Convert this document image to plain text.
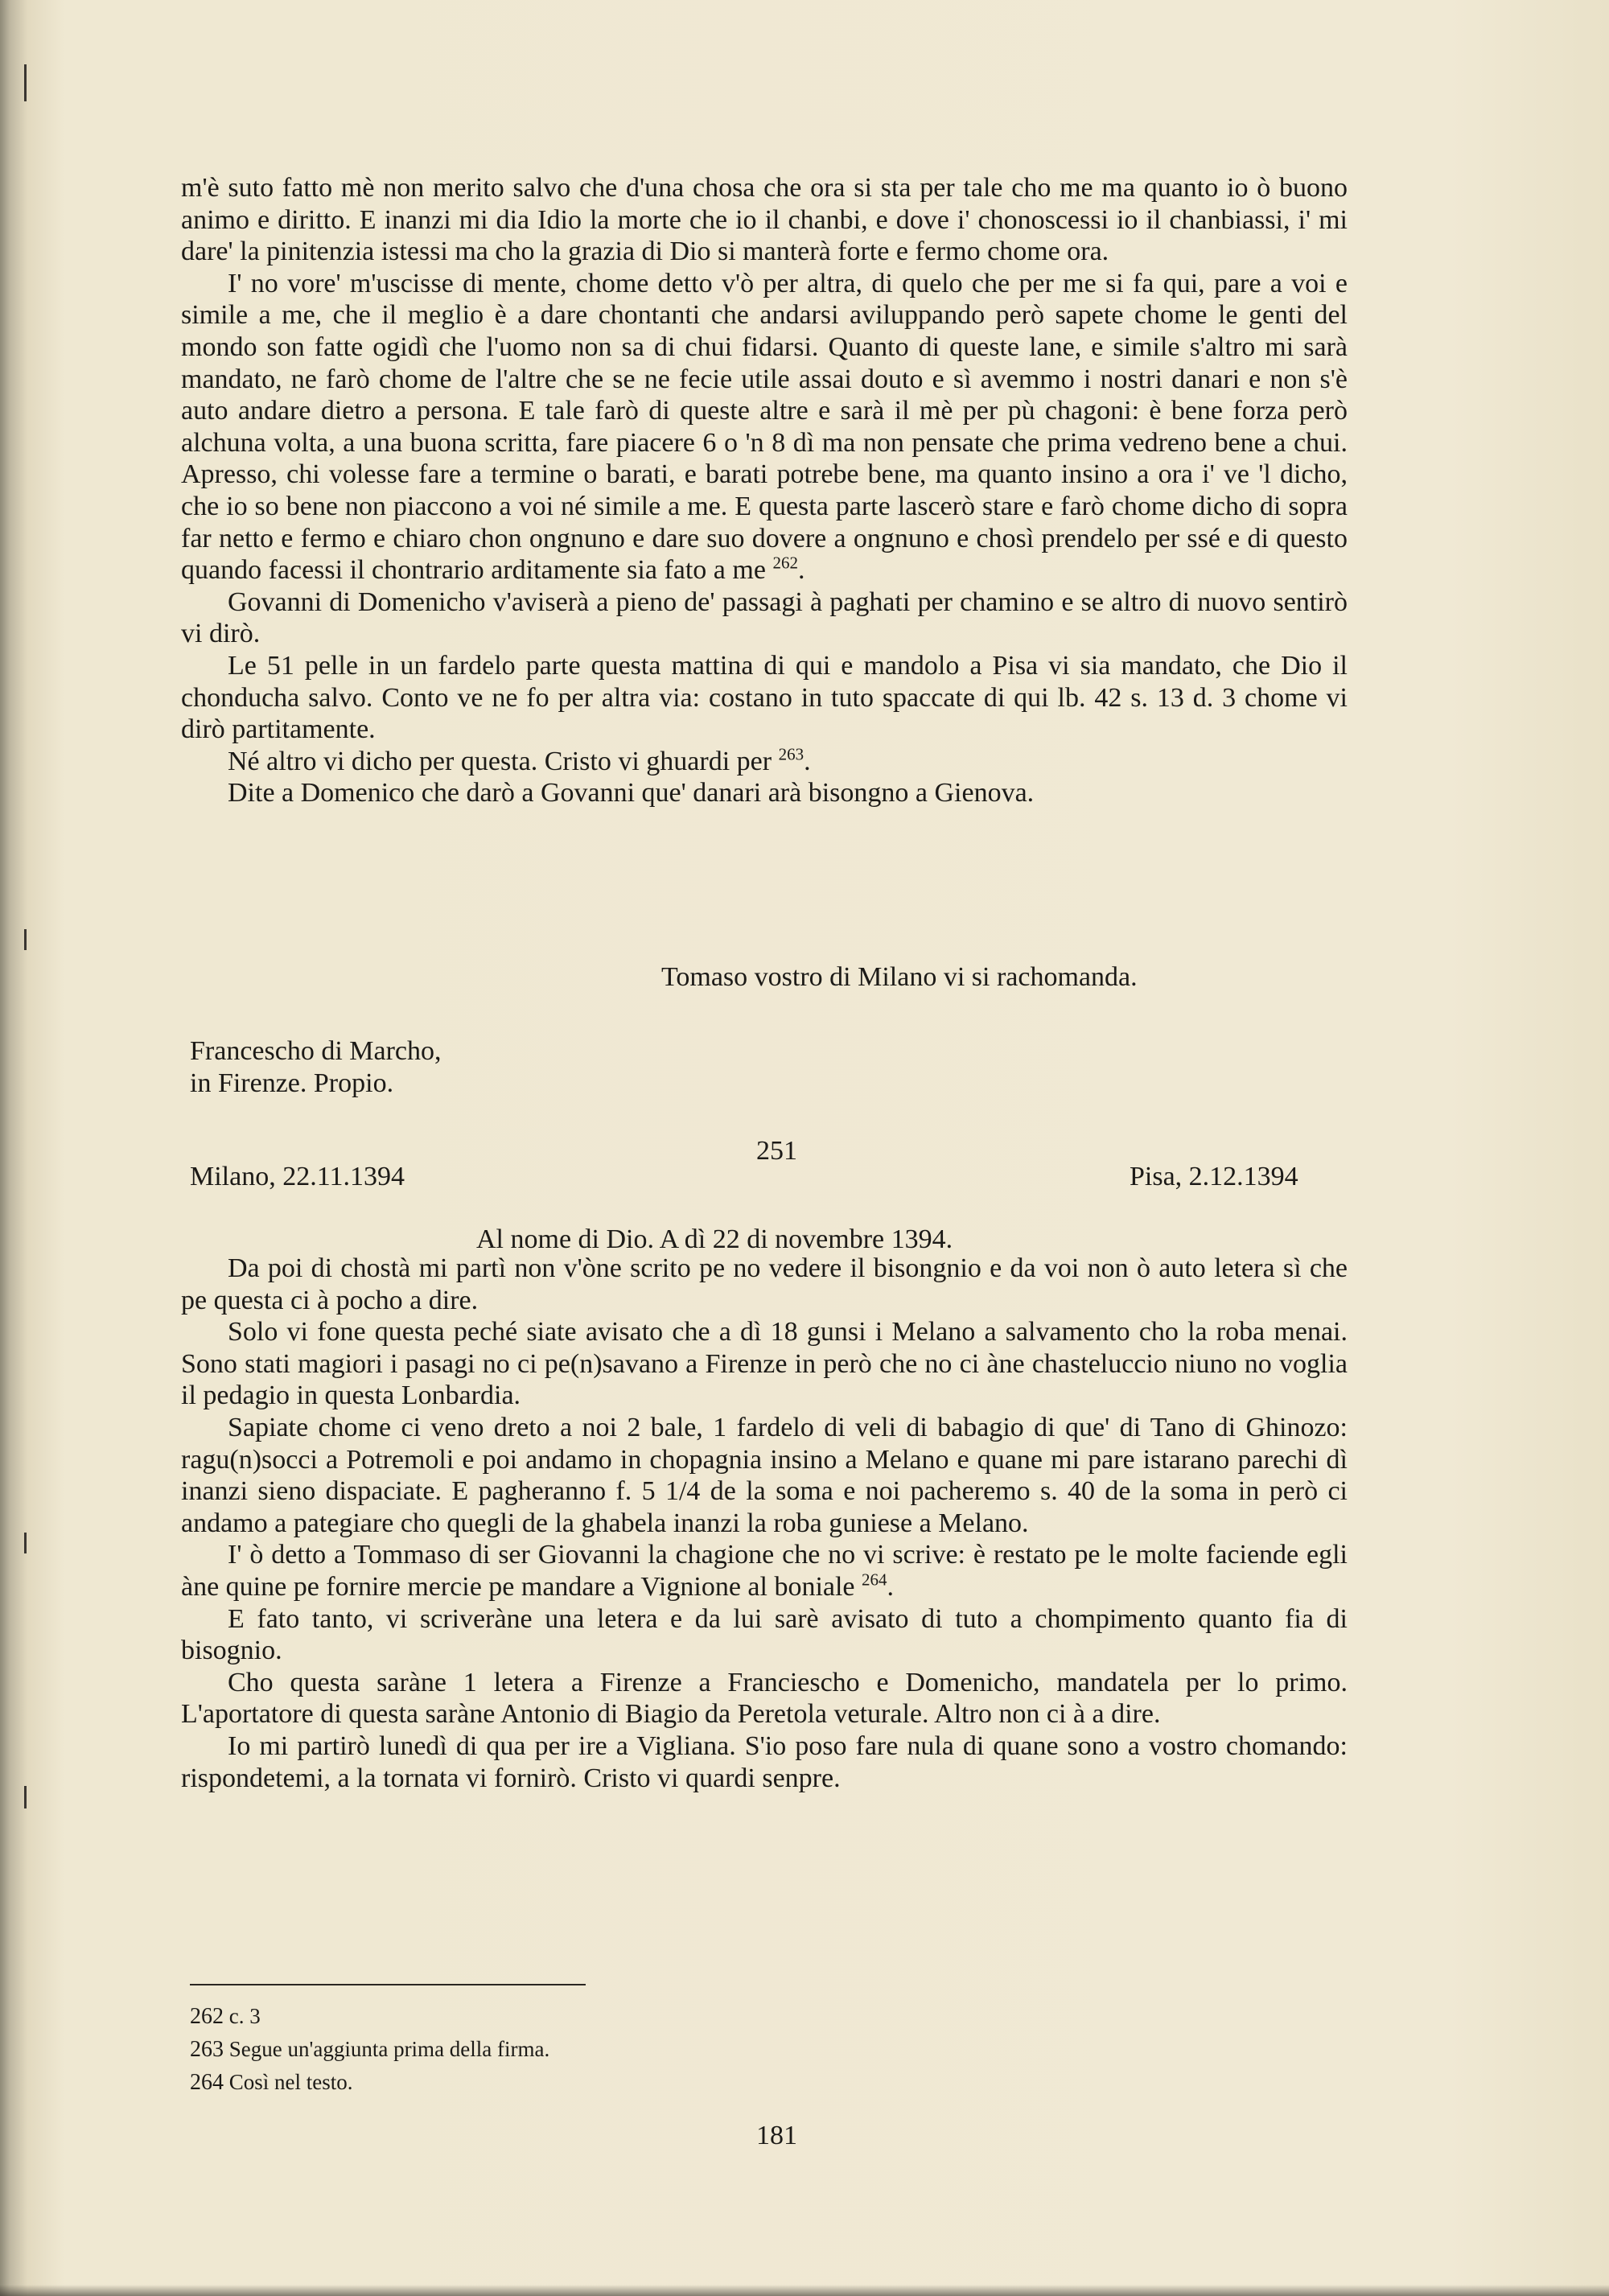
m'è suto fatto mè non merito salvo che d'una chosa che ora si sta per tale cho me ma quanto io ò buono animo e diritto. E inanzi mi dia Idio la morte che io il chanbi, e dove i' chonoscessi io il chanbiassi, i' mi dare' la pinitenzia istessi ma cho la grazia di Dio si manterà forte e fermo chome ora.

I' no vore' m'uscisse di mente, chome detto v'ò per altra, di quelo che per me si fa qui, pare a voi e simile a me, che il meglio è a dare chontanti che andarsi aviluppando però sapete chome le genti del mondo son fatte ogidì che l'uomo non sa di chui fidarsi. Quanto di queste lane, e simile s'altro mi sarà mandato, ne farò chome de l'altre che se ne fecie utile assai douto e sì avemmo i nostri danari e non s'è auto andare dietro a persona. E tale farò di queste altre e sarà il mè per pù chagoni: è bene forza però alchuna volta, a una buona scritta, fare piacere 6 o 'n 8 dì ma non pensate che prima vedreno bene a chui. Apresso, chi volesse fare a termine o barati, e barati potrebe bene, ma quanto insino a ora i' ve 'l dicho, che io so bene non piaccono a voi né simile a me. E questa parte lascerò stare e farò chome dicho di sopra far netto e fermo e chiaro chon ongnuno e dare suo dovere a ongnuno e chosì prendelo per ssé e di questo quando facessi il chontrario arditamente sia fato a me $^{262}$.

Govanni di Domenicho v'aviserà a pieno de' passagi à paghati per chamino e se altro di nuovo sentirò vi dirò.

Le 51 pelle in un fardelo parte questa mattina di qui e mandolo a Pisa vi sia mandato, che Dio il chonducha salvo. Conto ve ne fo per altra via: costano in tuto spaccate di qui lb. 42 s. 13 d. 3 chome vi dirò partitamente.

Né altro vi dicho per questa. Cristo vi ghuardi per $^{263}$.

Dite a Domenico che darò a Govanni que' danari arà bisongno a Gienova.

Tomaso vostro di Milano vi si rachomanda.
Francescho di Marcho,
in Firenze. Propio.
251
Milano, 22.11.1394	Pisa, 2.12.1394
Al nome di Dio. A dì 22 di novembre 1394.

Da poi di chostà mi partì non v'òne scrito pe no vedere il bisongnio e da voi non ò auto letera sì che pe questa ci à pocho a dire.

Solo vi fone questa peché siate avisato che a dì 18 gunsi i Melano a salvamento cho la roba menai. Sono stati magiori i pasagi no ci pe(n)savano a Firenze in però che no ci àne chasteluccio niuno no voglia il pedagio in questa Lonbardia.

Sapiate chome ci veno dreto a noi 2 bale, 1 fardelo di veli di babagio di que' di Tano di Ghinozo: ragu(n)socci a Potremoli e poi andamo in chopagnia insino a Melano e quane mi pare istarano parechi dì inanzi sieno dispaciate. E pagheranno f. 5 1/4 de la soma e noi pacheremo s. 40 de la soma in però ci andamo a pategiare cho quegli de la ghabela inanzi la roba guniese a Melano.

I' ò detto a Tommaso di ser Giovanni la chagione che no vi scrive: è restato pe le molte faciende egli àne quine pe fornire mercie pe mandare a Vignione al boniale $^{264}$.

E fato tanto, vi scriveràne una letera e da lui sarè avisato di tuto a chompimento quanto fia di bisognio.

Cho questa saràne 1 letera a Firenze a Franciescho e Domenicho, mandatela per lo primo. L'aportatore di questa saràne Antonio di Biagio da Peretola veturale. Altro non ci à a dire.

Io mi partirò lunedì di qua per ire a Vigliana. S'io poso fare nula di quane sono a vostro chomando: rispondetemi, a la tornata vi fornirò. Cristo vi quardi senpre.

262 c. 3
263 Segue un'aggiunta prima della firma.
264 Così nel testo.
181
